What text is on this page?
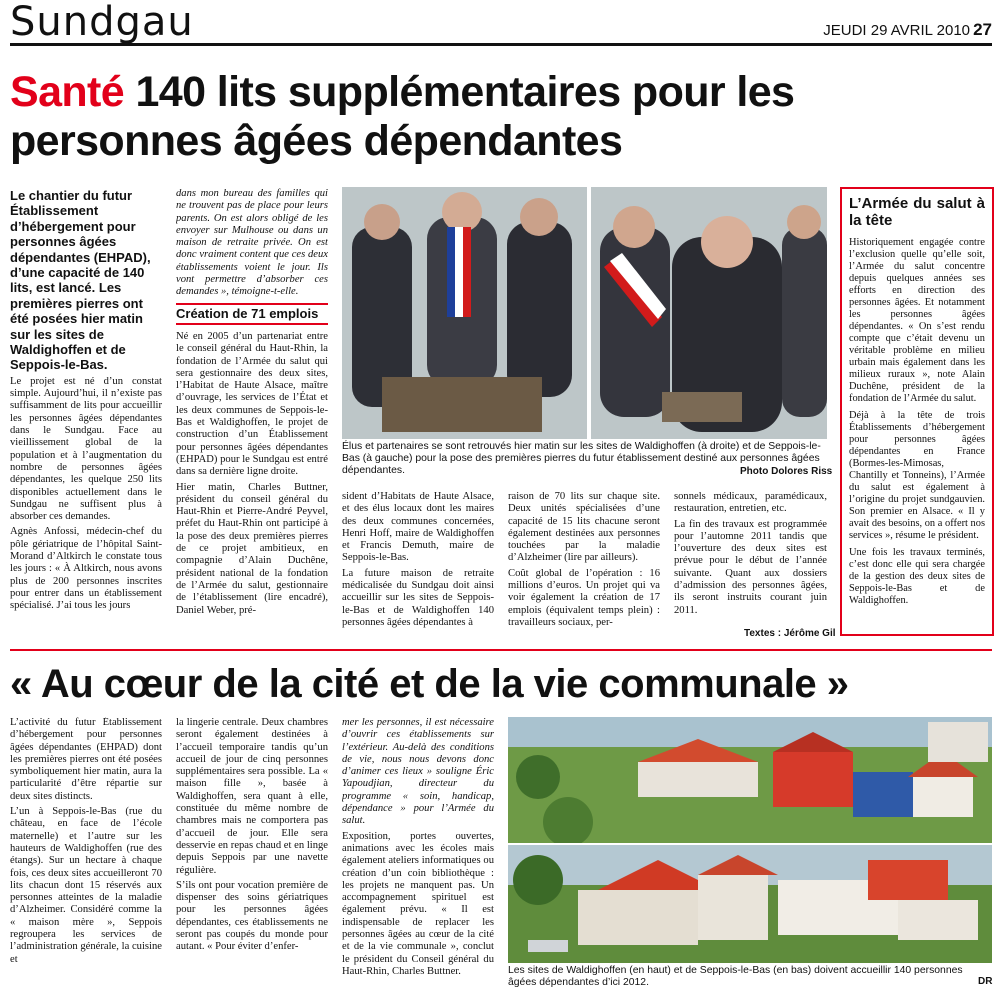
Sundgau	JEUDI 29 AVRIL 2010 27
Santé 140 lits supplémentaires pour les personnes âgées dépendantes

Le chantier du futur Établissement d’hébergement pour personnes âgées dépendantes (EHPAD), d’une capacité de 140 lits, est lancé. Les premières pierres ont été posées hier matin sur les sites de Waldighoffen et de Seppois-le-Bas.

Le projet est né d’un constat simple. Aujourd’hui, il n’existe pas suffisamment de lits pour accueillir les personnes âgées dépendantes dans le Sundgau. Face au vieillissement global de la population et à l’augmentation du nombre de personnes âgées dépendantes, les quelque 250 lits disponibles actuellement dans le Sundgau ne suffisent plus à absorber ces demandes.

Agnès Anfossi, médecin-chef du pôle gériatrique de l’hôpital Saint-Morand d’Altkirch le constate tous les jours : « À Altkirch, nous avons plus de 200 personnes inscrites pour entrer dans un établissement spécialisé. J’ai tous les jours

dans mon bureau des familles qui ne trouvent pas de place pour leurs parents. On est alors obligé de les envoyer sur Mulhouse ou dans un maison de retraite privée. On est donc vraiment content que ces deux établissements voient le jour. Ils vont permettre d’absorber ces demandes », témoigne-t-elle.

Création de 71 emplois

Né en 2005 d’un partenariat entre le conseil général du Haut-Rhin, la fondation de l’Armée du salut qui sera gestionnaire des deux sites, l’Habitat de Haute Alsace, maître d’ouvrage, les services de l’État et les deux communes de Seppois-le-Bas et Waldighoffen, le projet de construction d’un Établissement pour personnes âgées dépendantes (EHPAD) pour le Sundgau est entré dans sa dernière ligne droite.

Hier matin, Charles Buttner, président du conseil général du Haut-Rhin et Pierre-André Peyvel, préfet du Haut-Rhin ont participé à la pose des deux premières pierres de ce projet ambitieux, en compagnie d’Alain Duchêne, président national de la fondation de l’Armée du salut, gestionnaire de l’établissement (lire encadré), Daniel Weber, pré-

Élus et partenaires se sont retrouvés hier matin sur les sites de Waldighoffen (à droite) et de Seppois-le-Bas (à gauche) pour la pose des premières pierres du futur établissement destiné aux personnes âgées dépendantes.	Photo Dolores Riss

sident d’Habitats de Haute Alsace, et des élus locaux dont les maires des deux communes concernées, Henri Hoff, maire de Waldighoffen et Francis Demuth, maire de Seppois-le-Bas.

La future maison de retraite médicalisée du Sundgau doit ainsi accueillir sur les sites de Seppois-le-Bas et de Waldighoffen 140 personnes âgées dépendantes à

raison de 70 lits sur chaque site. Deux unités spécialisées d’une capacité de 15 lits chacune seront également destinées aux personnes touchées par la maladie d’Alzheimer (lire par ailleurs).

Coût global de l’opération : 16 millions d’euros. Un projet qui va voir également la création de 17 emplois (équivalent temps plein) : travailleurs sociaux, per-

sonnels médicaux, paramédicaux, restauration, entretien, etc.

La fin des travaux est programmée pour l’automne 2011 tandis que l’ouverture des deux sites est prévue pour le début de l’année suivante. Quant aux dossiers d’admission des personnes âgées, ils seront instruits courant juin 2011.

Textes : Jérôme Gil
L’Armée du salut à la tête

Historiquement engagée contre l’exclusion quelle qu’elle soit, l’Armée du salut concentre depuis quelques années ses efforts en direction des personnes âgées. Et notamment les personnes âgées dépendantes. « On s’est rendu compte que c’était devenu un véritable problème en milieu urbain mais également dans les milieux ruraux », note Alain Duchêne, président de la fondation de l’Armée du salut.

Déjà à la tête de trois Établissements d’hébergement pour personnes âgées dépendantes en France (Bormes-les-Mimosas, Chantilly et Tonneins), l’Armée du salut est également à l’origine du projet sundgauvien. Son premier en Alsace. « Il y avait des besoins, on a offert nos services », résume le président.

Une fois les travaux terminés, c’est donc elle qui sera chargée de la gestion des deux sites de Seppois-le-Bas et de Waldighoffen.

« Au cœur de la cité et de la vie communale »

L’activité du futur Établissement d’hébergement pour personnes âgées dépendantes (EHPAD) dont les premières pierres ont été posées symboliquement hier matin, aura la particularité d’être répartie sur deux sites distincts.

L’un à Seppois-le-Bas (rue du château, en face de l’école maternelle) et l’autre sur les hauteurs de Waldighoffen (rue des étangs). Sur un hectare à chaque fois, ces deux sites accueilleront 70 lits chacun dont 15 réservés aux personnes atteintes de la maladie d’Alzheimer. Considéré comme la « maison mère », Seppois regroupera les services de l’administration générale, la cuisine et

la lingerie centrale. Deux chambres seront également destinées à l’accueil temporaire tandis qu’un accueil de jour de cinq personnes supplémentaires sera possible. La « maison fille », basée à Waldighoffen, sera quant à elle, constituée du même nombre de chambres mais ne comportera pas d’accueil de jour. Elle sera desservie en repas chaud et en linge depuis Seppois par une navette régulière.

S’ils ont pour vocation première de dispenser des soins gériatriques pour les personnes âgées dépendantes, ces établissements ne seront pas coupés du monde pour autant. « Pour éviter d’enfer-

mer les personnes, il est nécessaire d’ouvrir ces établissements sur l’extérieur. Au-delà des conditions de vie, nous nous devons donc d’animer ces lieux » souligne Éric Yapoudjian, directeur du programme « soin, handicap, dépendance » pour l’Armée du salut.

Exposition, portes ouvertes, animations avec les écoles mais également ateliers informatiques ou création d’un coin bibliothèque : les projets ne manquent pas. Un accompagnement spirituel est également prévu. « Il est indispensable de replacer les personnes âgées au cœur de la cité et de la vie communale », conclut le président du Conseil général du Haut-Rhin, Charles Buttner.	Les sites de Waldighoffen (en haut) et de Seppois-le-Bas (en bas) doivent accueillir 140 personnes âgées dépendantes d’ici 2012.	DR
